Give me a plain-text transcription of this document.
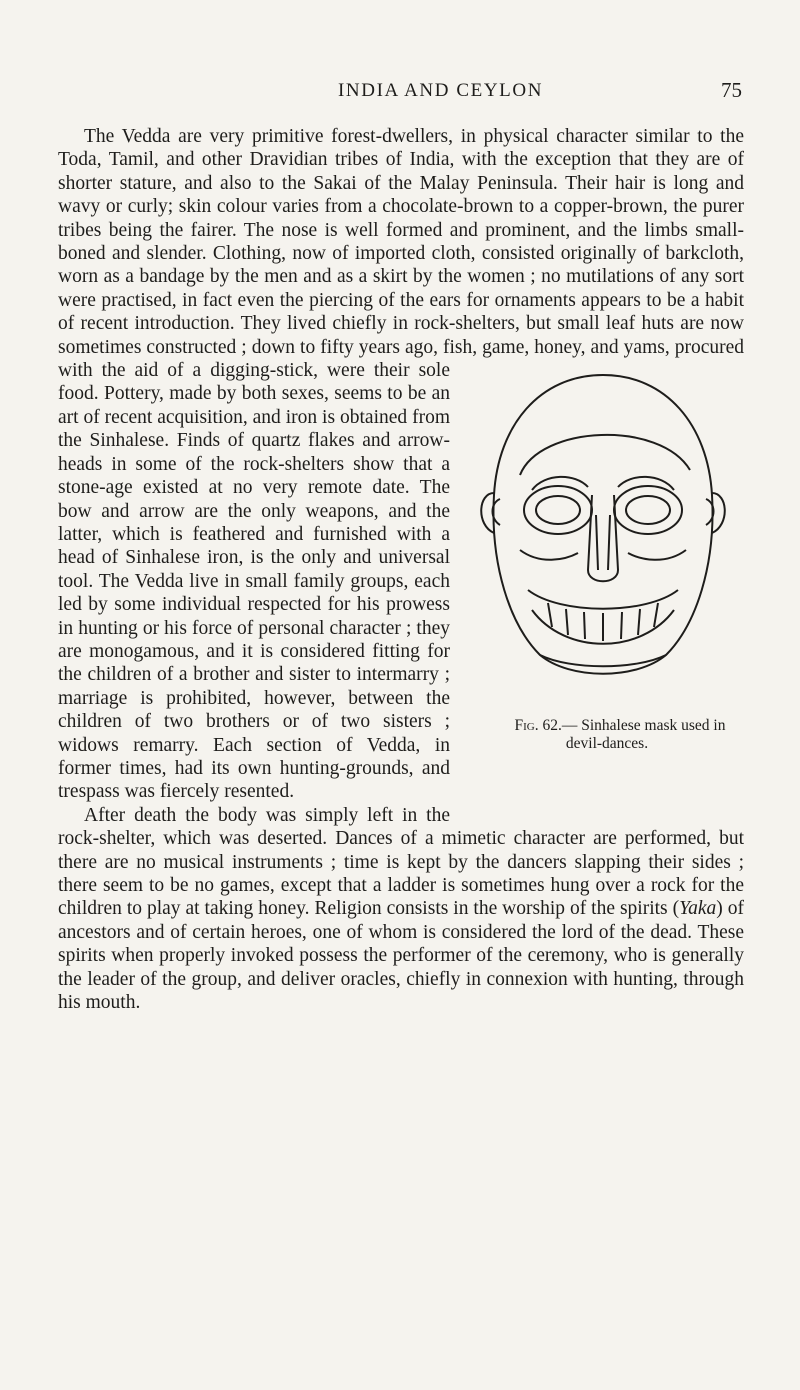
INDIA AND CEYLON	75

The Vedda are very primitive forest-dwellers, in physical character similar to the Toda, Tamil, and other Dravidian tribes of India, with the exception that they are of shorter stature, and also to the Sakai of the Malay Peninsula. Their hair is long and wavy or curly; skin colour varies from a chocolate-brown to a copper-brown, the purer tribes being the fairer. The nose is well formed and prominent, and the limbs small-boned and slender. Clothing, now of imported cloth, consisted originally of barkcloth, worn as a bandage by the men and as a skirt by the women ; no mutilations of any sort were practised, in fact even the piercing of the ears for ornaments appears to be a habit of recent introduction. They lived chiefly in rock-shelters, but small leaf huts are now sometimes constructed ; down to fifty years ago, fish, game, honey, and yams, procured with the aid of
Fig. 62.— Sinhalese mask used in devil-dances.
a digging-stick, were their sole food. Pottery, made by both sexes, seems to be an art of recent acquisition, and iron is obtained from the Sinhalese. Finds of quartz flakes and arrow-heads in some of the rock-shelters show that a stone-age existed at no very remote date. The bow and arrow are the only weapons, and the latter, which is feathered and furnished with a head of Sinhalese iron, is the only and universal tool. The Vedda live in small family groups, each led by some individual respected for his prowess in hunting or his force of personal character ; they are monogamous, and it is considered fitting for the children of a brother and sister to intermarry ; marriage is prohibited, however, between the children of two brothers or of two sisters ; widows remarry. Each section of Vedda, in former times, had its own hunting-grounds, and trespass was fiercely resented.

After death the body was simply left in the rock-shelter, which was deserted. Dances of a mimetic character are performed, but there are no musical instruments ; time is kept by the dancers slapping their sides ; there seem to be no games, except that a ladder is sometimes hung over a rock for the children to play at taking honey. Religion consists in the worship of the spirits (Yaka) of ancestors and of certain heroes, one of whom is considered the lord of the dead. These spirits when properly invoked possess the performer of the ceremony, who is generally the leader of the group, and deliver oracles, chiefly in connexion with hunting, through his mouth.
